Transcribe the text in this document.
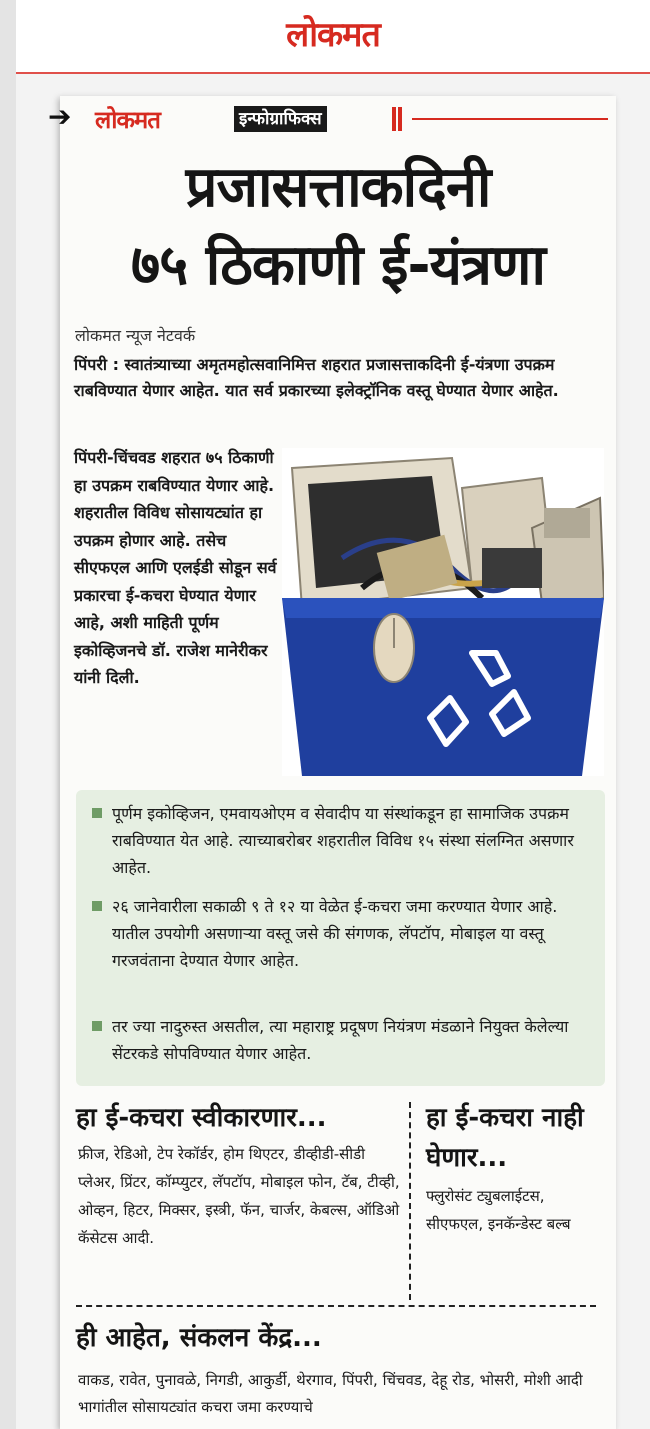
लोकमत
➔ लोकमत	इन्फोग्राफिक्स
प्रजासत्ताकदिनी
७५ ठिकाणी ई-यंत्रणा
लोकमत न्यूज नेटवर्क
पिंपरी : स्वातंत्र्याच्या अमृतमहोत्सवानिमित्त शहरात प्रजासत्ताकदिनी ई-यंत्रणा उपक्रम राबविण्यात येणार आहेत. यात सर्व प्रकारच्या इलेक्ट्रॉनिक वस्तू घेण्यात येणार आहेत.
पिंपरी-चिंचवड शहरात ७५ ठिकाणी हा उपक्रम राबविण्यात येणार आहे. शहरातील विविध सोसायट्यांत हा उपक्रम होणार आहे. तसेच सीएफएल आणि एलईडी सोडून सर्व प्रकारचा ई-कचरा घेण्यात येणार आहे, अशी माहिती पूर्णम इकोव्हिजनचे डॉ. राजेश मानेरीकर यांनी दिली.
पूर्णम इकोव्हिजन, एमवायओएम व सेवादीप या संस्थांकडून हा सामाजिक उपक्रम राबविण्यात येत आहे. त्याच्याबरोबर शहरातील विविध १५ संस्था संलग्नित असणार आहेत.
२६ जानेवारीला सकाळी ९ ते १२ या वेळेत ई-कचरा जमा करण्यात येणार आहे. यातील उपयोगी असणाऱ्या वस्तू जसे की संगणक, लॅपटॉप, मोबाइल या वस्तू गरजवंताना देण्यात येणार आहेत.
तर ज्या नादुरुस्त असतील, त्या महाराष्ट्र प्रदूषण नियंत्रण मंडळाने नियुक्त केलेल्या सेंटरकडे सोपविण्यात येणार आहेत.
हा ई-कचरा स्वीकारणार...
फ्रीज, रेडिओ, टेप रेकॉर्डर, होम थिएटर, डीव्हीडी-सीडी प्लेअर, प्रिंटर, कॉम्प्युटर, लॅपटॉप, मोबाइल फोन, टॅब, टीव्ही, ओव्हन, हिटर, मिक्सर, इस्त्री, फॅन, चार्जर, केबल्स, ऑडिओ कॅसेटस आदी.
हा ई-कचरा नाही घेणार...
फ्लुरोसंट ट्युबलाईटस, सीएफएल, इनकॅन्डेस्ट बल्ब
ही आहेत, संकलन केंद्र...
वाकड, रावेत, पुनावळे, निगडी, आकुर्डी, थेरगाव, पिंपरी, चिंचवड, देहू रोड, भोसरी, मोशी आदी भागांतील सोसायट्यांत कचरा जमा करण्याचे
